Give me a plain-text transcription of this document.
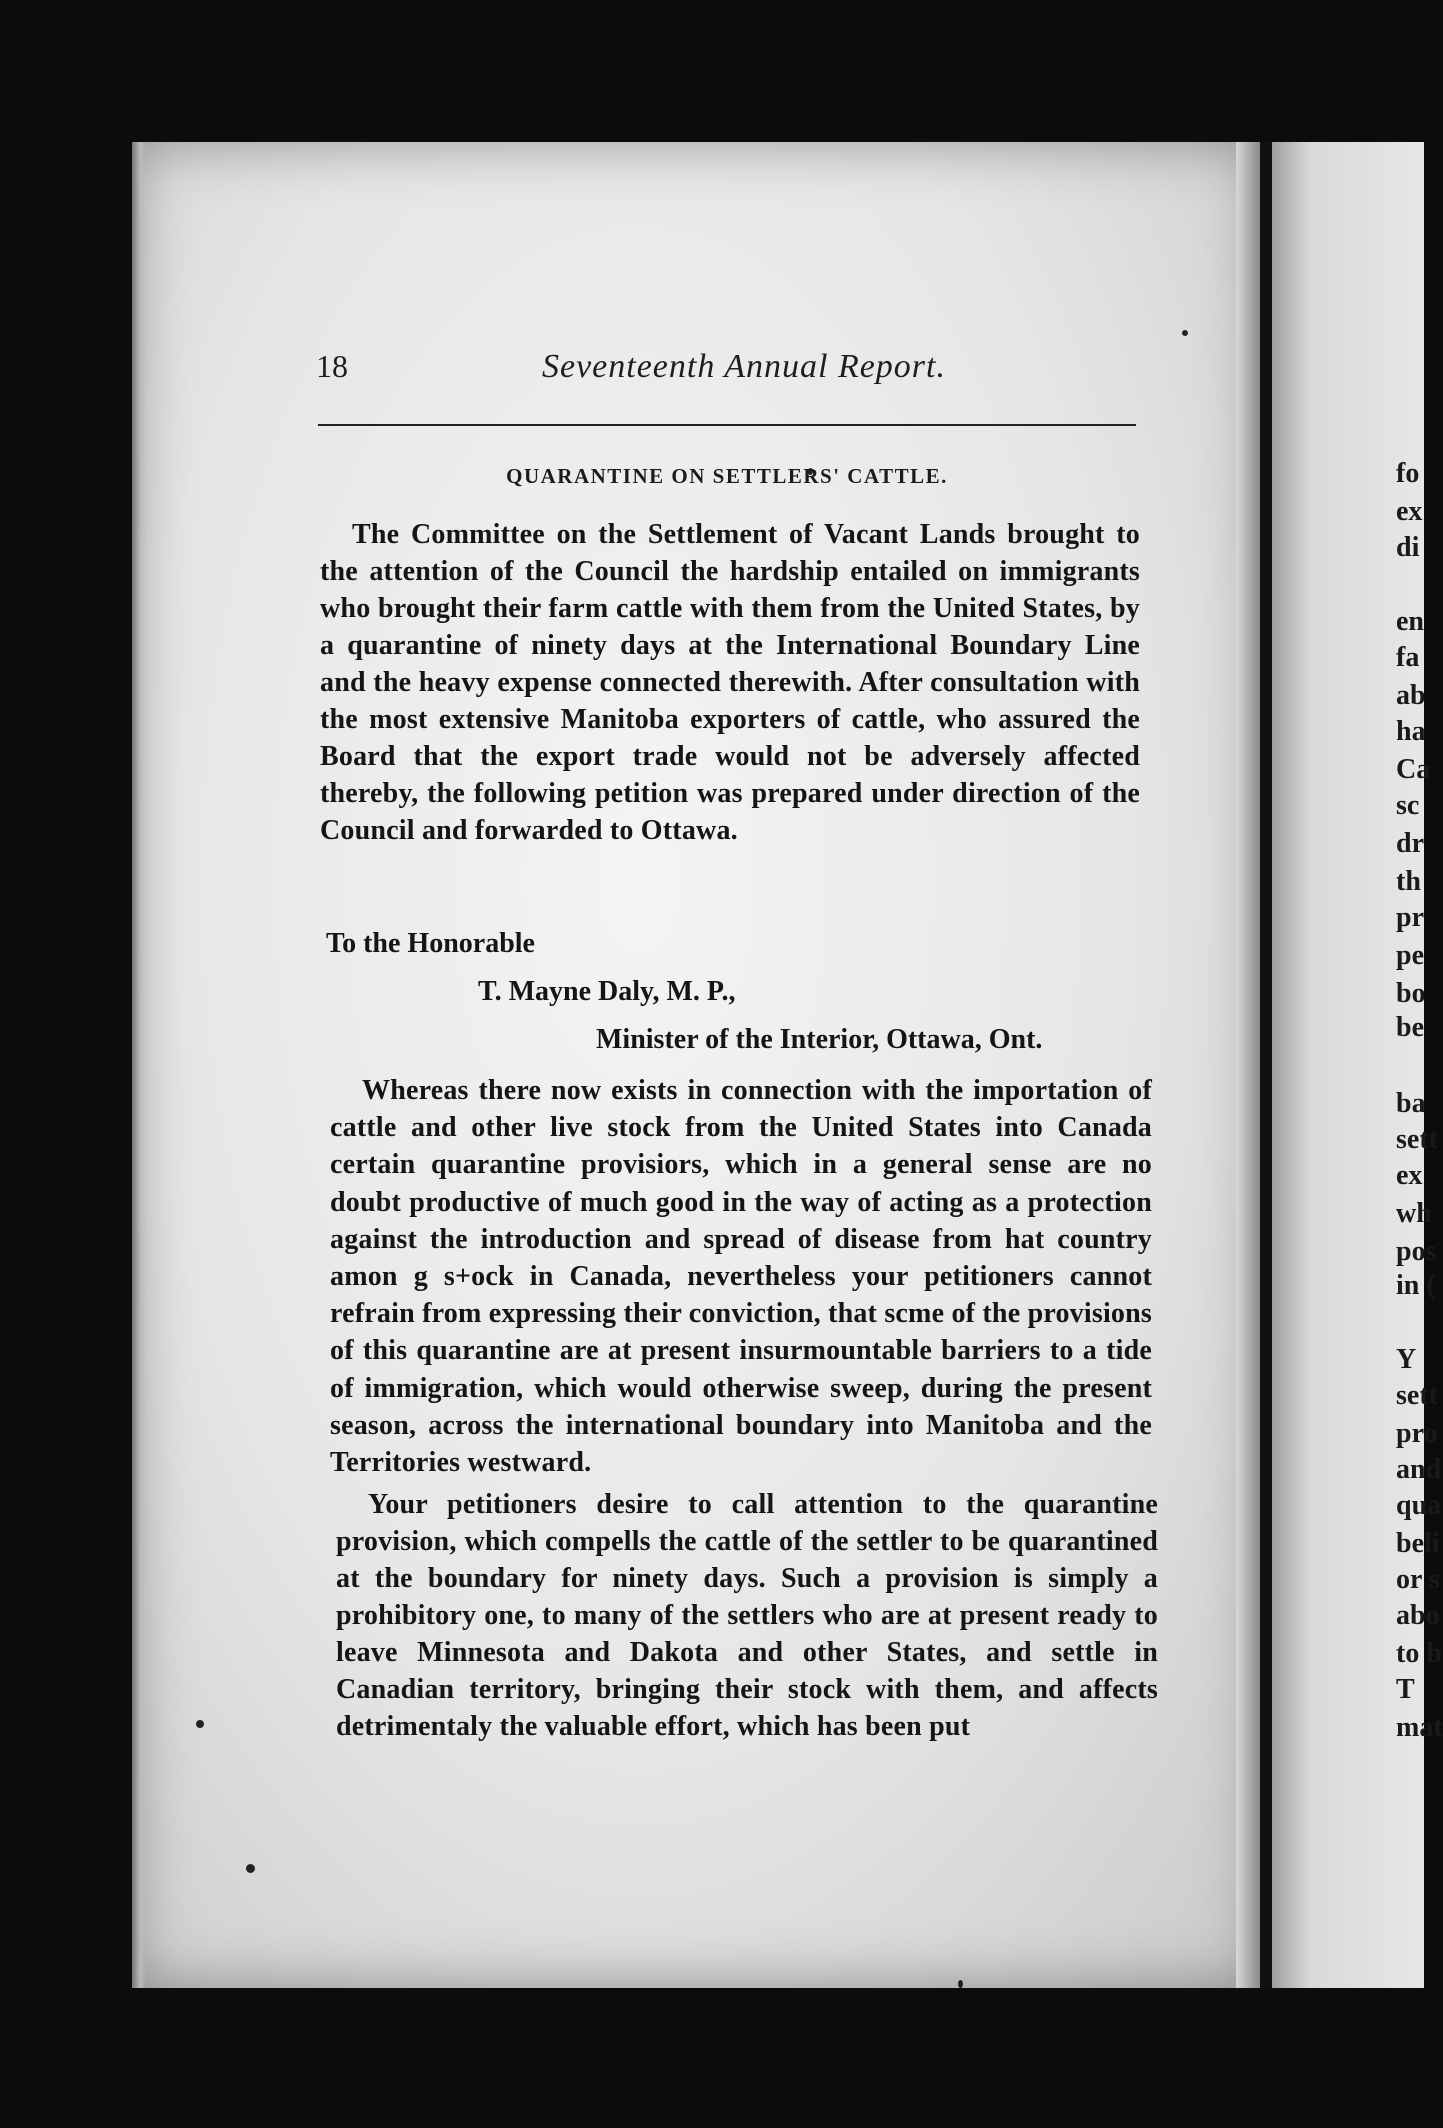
fo
ex
di
en
fa
ab
ha
Ca
sc
dr
th
pr
pe
bo
be
ba
sett
ex
wh
pos
in (
Y
sett
pro
and
qua
beli
or s
abo
to b
T
mat
18	Seventeenth Annual Report.
QUARANTINE ON SETTLERS' CATTLE.

The Committee on the Settlement of Vacant Lands brought to the attention of the Council the hardship entailed on immigrants who brought their farm cattle with them from the United States, by a quarantine of ninety days at the International Boundary Line and the heavy expense connected therewith. After consultation with the most extensive Manitoba exporters of cattle, who assured the Board that the export trade would not be adversely affected thereby, the following petition was prepared under direction of the Council and forwarded to Ottawa.

To the Honorable
T. Mayne Daly, M. P.,
Minister of the Interior, Ottawa, Ont.

Whereas there now exists in connection with the importation of cattle and other live stock from the United States into Canada certain quarantine provisiors, which in a general sense are no doubt productive of much good in the way of acting as a protection against the introduction and spread of disease from hat country amon g s+ock in Canada, nevertheless your petitioners cannot refrain from expressing their conviction, that scme of the provisions of this quarantine are at present insurmountable barriers to a tide of immigration, which would otherwise sweep, during the present season, across the international boundary into Manitoba and the Territories westward.

Your petitioners desire to call attention to the quarantine provision, which compells the cattle of the settler to be quarantined at the boundary for ninety days. Such a provision is simply a prohibitory one, to many of the settlers who are at present ready to leave Minnesota and Dakota and other States, and settle in Canadian territory, bringing their stock with them, and affects detrimentaly the valuable effort, which has been put
